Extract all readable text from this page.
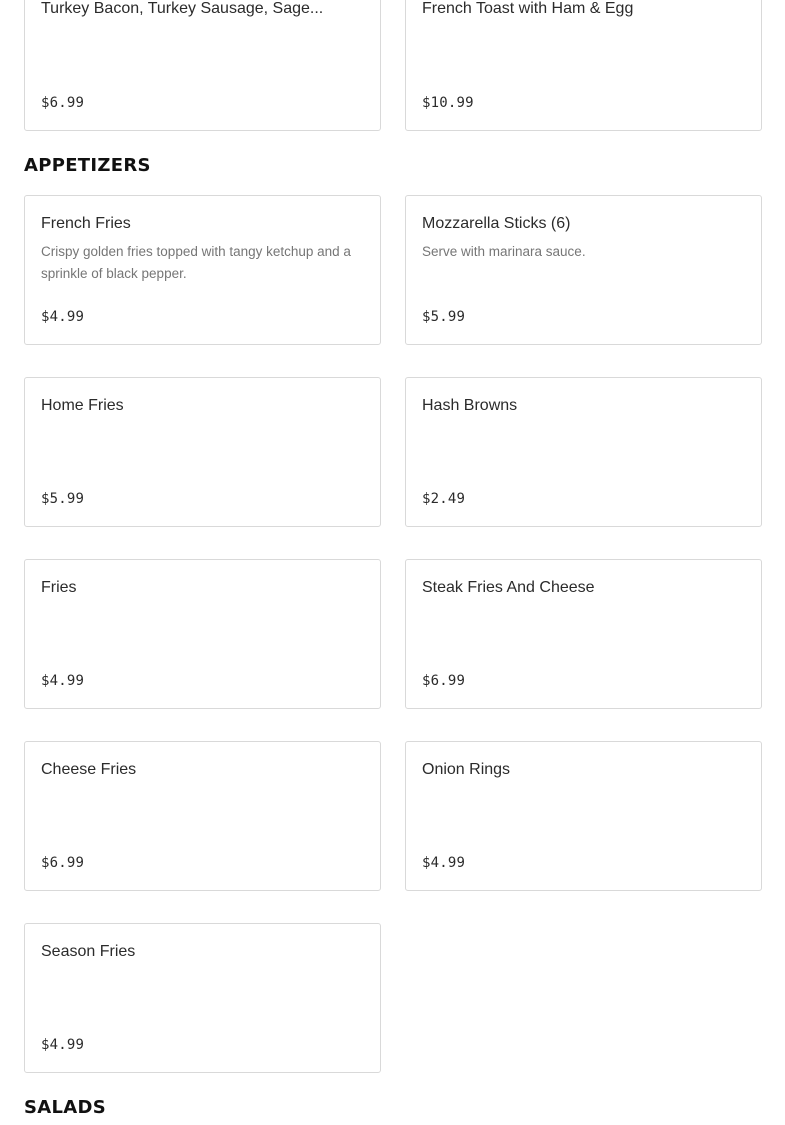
Turkey Bacon, Turkey Sausage, Sage...
$6.99
French Toast with Ham & Egg
$10.99
APPETIZERS
French Fries
Crispy golden fries topped with tangy ketchup and a sprinkle of black pepper.
$4.99
Mozzarella Sticks (6)
Serve with marinara sauce.
$5.99
Home Fries
$5.99
Hash Browns
$2.49
Fries
$4.99
Steak Fries And Cheese
$6.99
Cheese Fries
$6.99
Onion Rings
$4.99
Season Fries
$4.99
SALADS
